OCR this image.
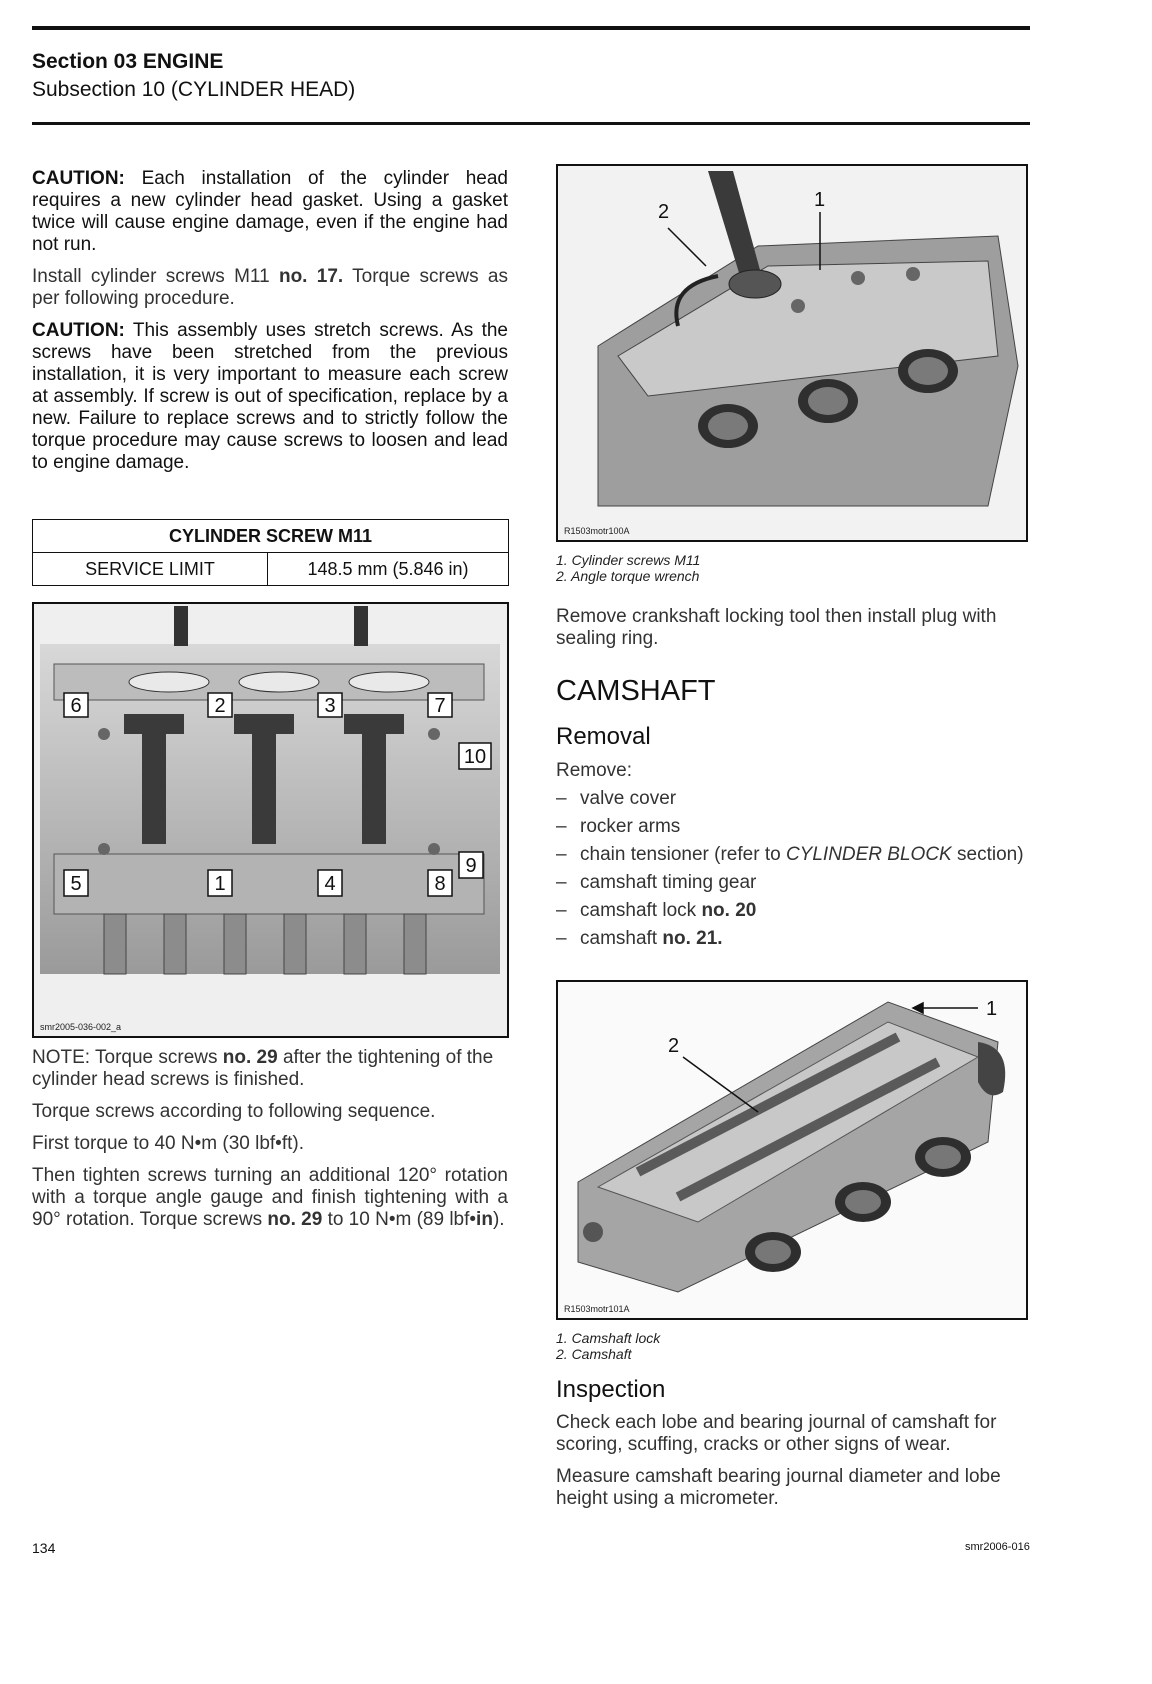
Section 03 ENGINE
Subsection 10 (CYLINDER HEAD)

CAUTION: Each installation of the cylinder head requires a new cylinder head gasket. Using a gasket twice will cause engine damage, even if the engine had not run.

Install cylinder screws M11 no. 17. Torque screws as per following procedure.

CAUTION: This assembly uses stretch screws. As the screws have been stretched from the previous installation, it is very important to measure each screw at assembly. If screw is out of specification, replace by a new. Failure to replace screws and to strictly follow the torque procedure may cause screws to loosen and lead to engine damage.

CYLINDER SCREW M11
SERVICE LIMIT	148.5 mm (5.846 in)
6	2	3	7
10
9
5	1	4	8
smr2005-036-002_a

NOTE: Torque screws no. 29 after the tightening of the cylinder head screws is finished.

Torque screws according to following sequence.

First torque to 40 N•m (30 lbf•ft).

Then tighten screws turning an additional 120° rotation with a torque angle gauge and finish tightening with a 90° rotation. Torque screws no. 29 to 10 N•m (89 lbf•in).

2
1
R1503motr100A
1. Cylinder screws M11
2. Angle torque wrench
Remove crankshaft locking tool then install plug with sealing ring.
CAMSHAFT
Removal
Remove:
– valve cover
– rocker arms
– chain tensioner (refer to CYLINDER BLOCK section)
– camshaft timing gear
– camshaft lock no. 20
– camshaft no. 21.
1
2
R1503motr101A
1. Camshaft lock
2. Camshaft
Inspection

Check each lobe and bearing journal of camshaft for scoring, scuffing, cracks or other signs of wear.

Measure camshaft bearing journal diameter and lobe height using a micrometer.

134	smr2006-016
